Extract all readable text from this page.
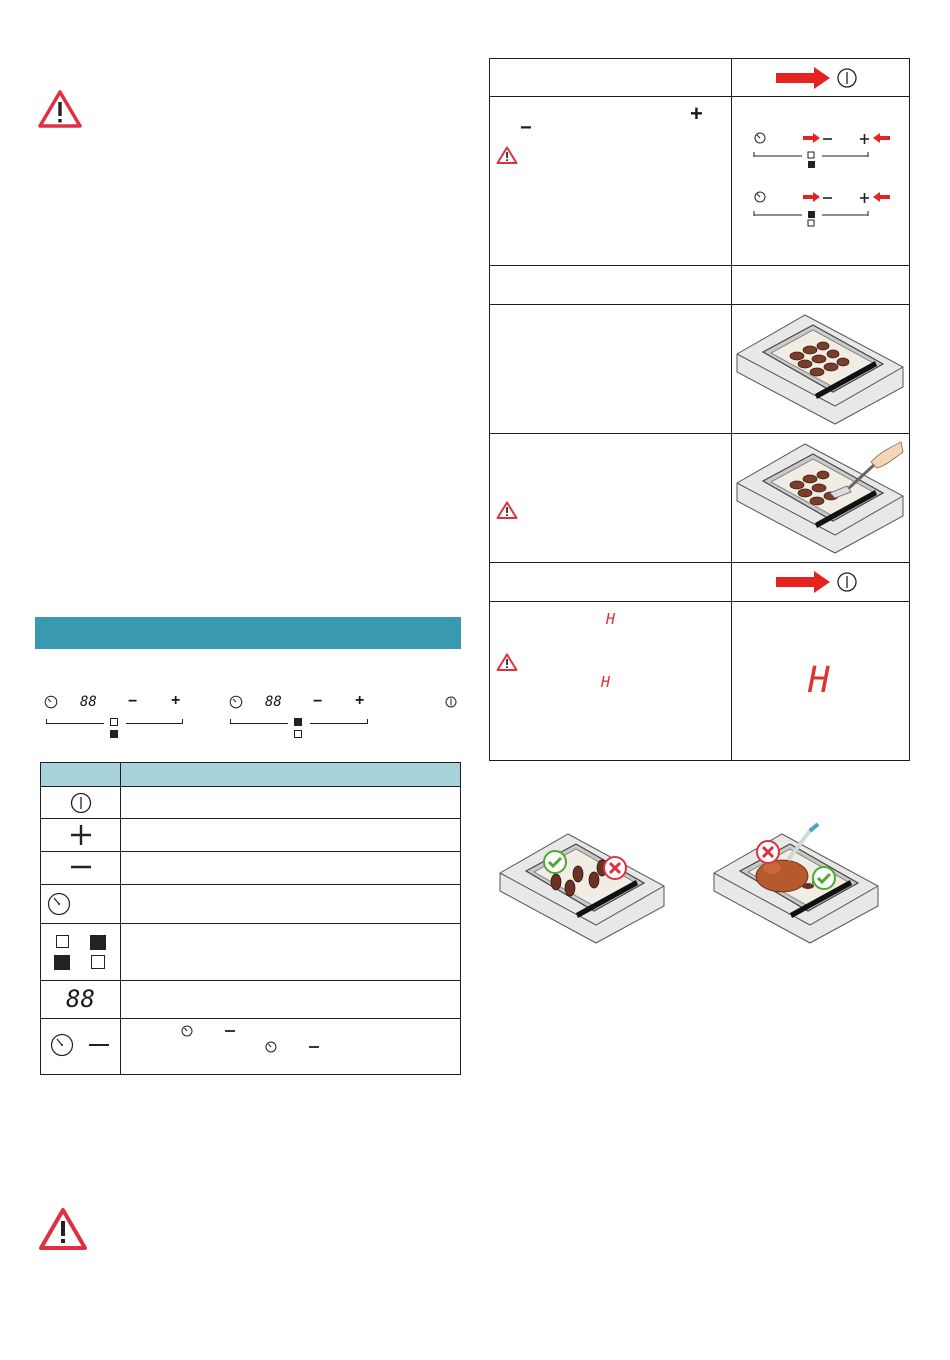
88 − +	88 − +
88
+
−
H
H	H
